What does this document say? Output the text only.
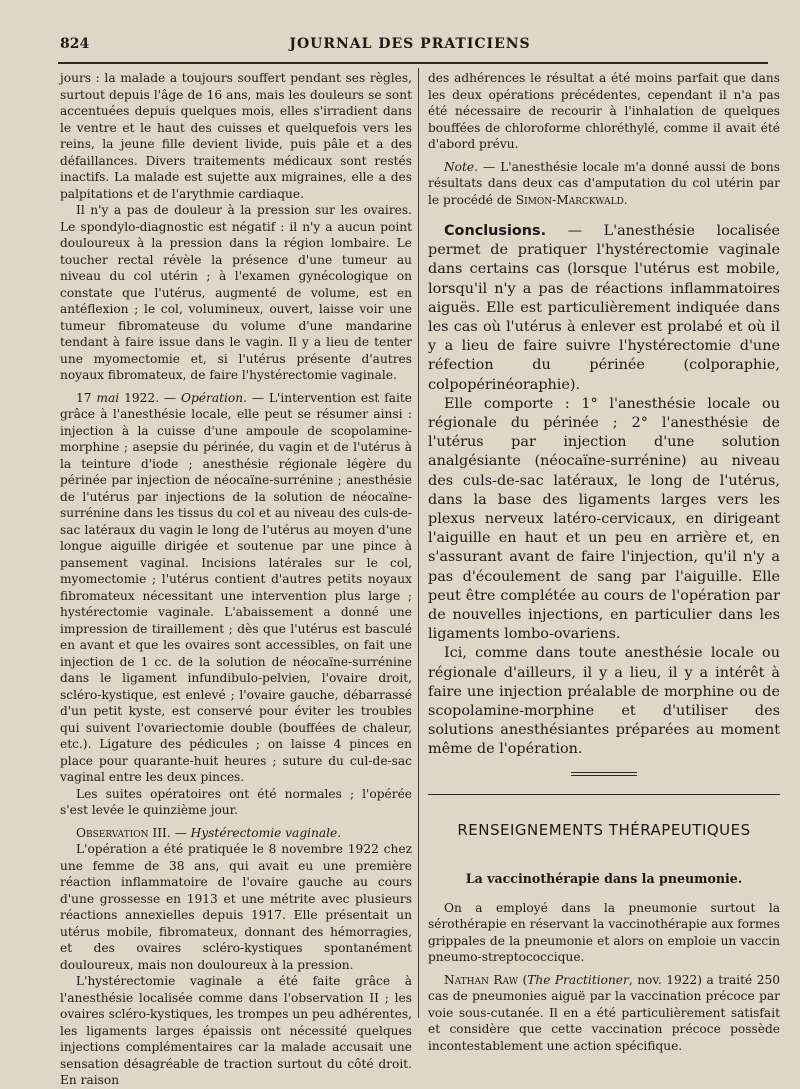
824	JOURNAL DES PRATICIENS

jours : la malade a toujours souffert pendant ses règles, surtout depuis l'âge de 16 ans, mais les douleurs se sont accentuées depuis quelques mois, elles s'irradient dans le ventre et le haut des cuisses et quelquefois vers les reins, la jeune fille devient livide, puis pâle et a des défaillances. Divers traitements médicaux sont restés inactifs. La malade est sujette aux migraines, elle a des palpitations et de l'arythmie cardiaque.

Il n'y a pas de douleur à la pression sur les ovaires. Le spondylo-diagnostic est négatif : il n'y a aucun point douloureux à la pression dans la région lombaire. Le toucher rectal révèle la présence d'une tumeur au niveau du col utérin ; à l'examen gynécologique on constate que l'utérus, augmenté de volume, est en antéflexion ; le col, volumineux, ouvert, laisse voir une tumeur fibromateuse du volume d'une mandarine tendant à faire issue dans le vagin. Il y a lieu de tenter une myomectomie et, si l'utérus présente d'autres noyaux fibromateux, de faire l'hystérectomie vaginale.

17 mai 1922. — Opération. — L'intervention est faite grâce à l'anesthésie locale, elle peut se résumer ainsi : injection à la cuisse d'une ampoule de scopolamine-morphine ; asepsie du périnée, du vagin et de l'utérus à la teinture d'iode ; anesthésie régionale légère du périnée par injection de néocaïne-surrénine ; anesthésie de l'utérus par injections de la solution de néocaïne-surrénine dans les tissus du col et au niveau des culs-de-sac latéraux du vagin le long de l'utérus au moyen d'une longue aiguille dirigée et soutenue par une pince à pansement vaginal. Incisions latérales sur le col, myomectomie ; l'utérus contient d'autres petits noyaux fibromateux nécessitant une intervention plus large ; hystérectomie vaginale. L'abaissement a donné une impression de tiraillement ; dès que l'utérus est basculé en avant et que les ovaires sont accessibles, on fait une injection de 1 cc. de la solution de néocaïne-surrénine dans le ligament infundibulo-pelvien, l'ovaire droit, scléro-kystique, est enlevé ; l'ovaire gauche, débarrassé d'un petit kyste, est conservé pour éviter les troubles qui suivent l'ovariectomie double (bouffées de chaleur, etc.). Ligature des pédicules ; on laisse 4 pinces en place pour quarante-huit heures ; suture du cul-de-sac vaginal entre les deux pinces.

Les suites opératoires ont été normales ; l'opérée s'est levée le quinzième jour.

Observation III. — Hystérectomie vaginale.

L'opération a été pratiquée le 8 novembre 1922 chez une femme de 38 ans, qui avait eu une première réaction inflammatoire de l'ovaire gauche au cours d'une grossesse en 1913 et une métrite avec plusieurs réactions annexielles depuis 1917. Elle présentait un utérus mobile, fibromateux, donnant des hémorragies, et des ovaires scléro-kystiques spontanément douloureux, mais non douloureux à la pression.

L'hystérectomie vaginale a été faite grâce à l'anesthésie localisée comme dans l'observation II ; les ovaires scléro-kystiques, les trompes un peu adhérentes, les ligaments larges épaissis ont nécessité quelques injections complémentaires car la malade accusait une sensation désagréable de traction surtout du côté droit. En raison

des adhérences le résultat a été moins parfait que dans les deux opérations précédentes, cependant il n'a pas été nécessaire de recourir à l'inhalation de quelques bouffées de chloroforme chloréthylé, comme il avait été d'abord prévu.

Note. — L'anesthésie locale m'a donné aussi de bons résultats dans deux cas d'amputation du col utérin par le procédé de Simon-Marckwald.

Conclusions. — L'anesthésie localisée permet de pratiquer l'hystérectomie vaginale dans certains cas (lorsque l'utérus est mobile, lorsqu'il n'y a pas de réactions inflammatoires aiguës. Elle est particulièrement indiquée dans les cas où l'utérus à enlever est prolabé et où il y a lieu de faire suivre l'hystérectomie d'une réfection du périnée (colporaphie, colpopérinéoraphie).

Elle comporte : 1° l'anesthésie locale ou régionale du périnée ; 2° l'anesthésie de l'utérus par injection d'une solution analgésiante (néocaïne-surrénine) au niveau des culs-de-sac latéraux, le long de l'utérus, dans la base des ligaments larges vers les plexus nerveux latéro-cervicaux, en dirigeant l'aiguille en haut et un peu en arrière et, en s'assurant avant de faire l'injection, qu'il n'y a pas d'écoulement de sang par l'aiguille. Elle peut être complétée au cours de l'opération par de nouvelles injections, en particulier dans les ligaments lombo-ovariens.

Ici, comme dans toute anesthésie locale ou régionale d'ailleurs, il y a lieu, il y a intérêt à faire une injection préalable de morphine ou de scopolamine-morphine et d'utiliser des solutions anesthésiantes préparées au moment même de l'opération.

RENSEIGNEMENTS THÉRAPEUTIQUES
La vaccinothérapie dans la pneumonie.

On a employé dans la pneumonie surtout la sérothérapie en réservant la vaccinothérapie aux formes grippales de la pneumonie et alors on emploie un vaccin pneumo-streptococcique.

Nathan Raw (The Practitioner, nov. 1922) a traité 250 cas de pneumonies aiguë par la vaccination précoce par voie sous-cutanée. Il en a été particulièrement satisfait et considère que cette vaccination précoce possède incontestablement une action spécifique.
